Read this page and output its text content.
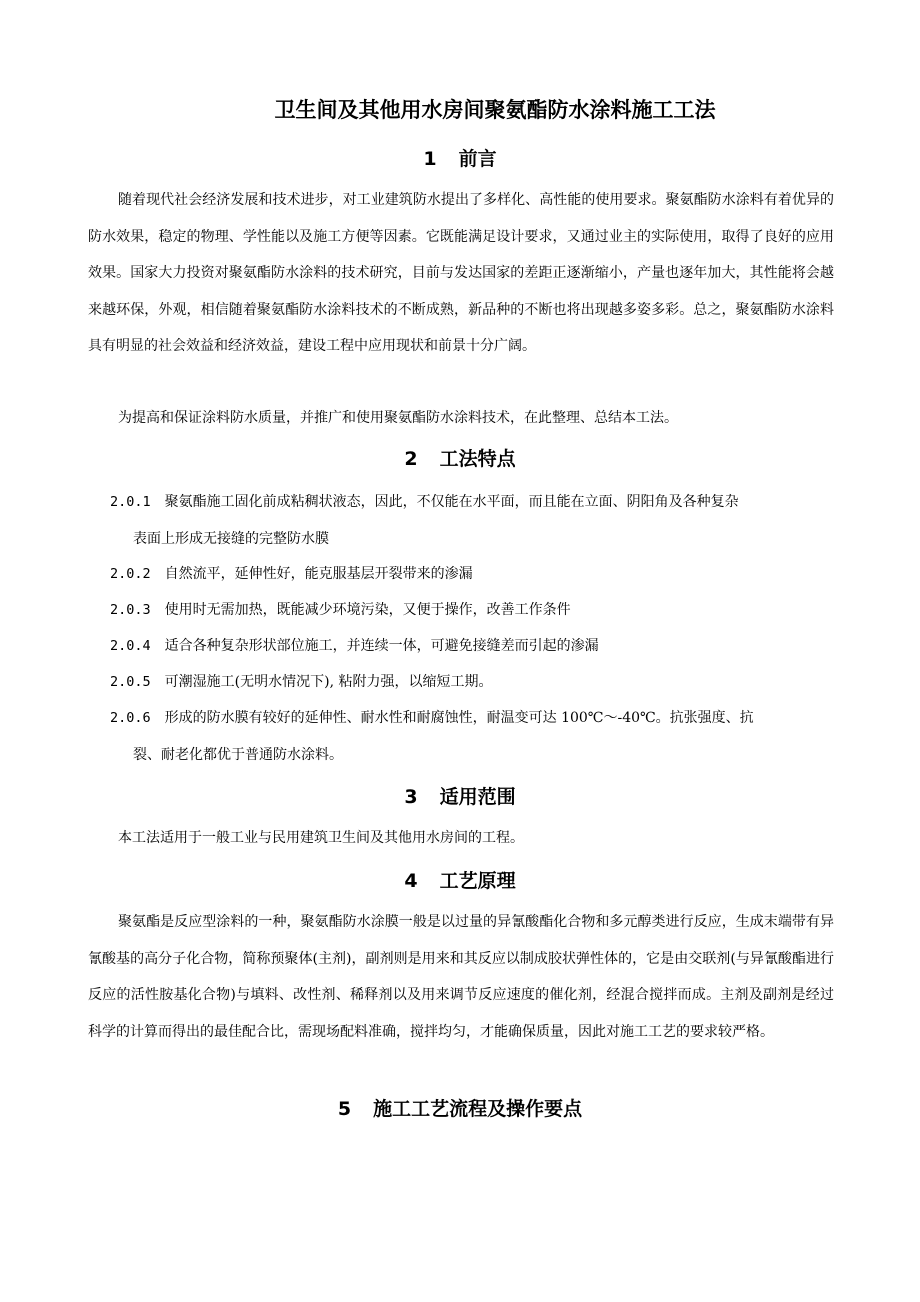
卫生间及其他用水房间聚氨酯防水涂料施工工法
1 前言

随着现代社会经济发展和技术进步，对工业建筑防水提出了多样化、高性能的使用要求。聚氨酯防水涂料有着优异的防水效果，稳定的物理、学性能以及施工方便等因素。它既能满足设计要求，又通过业主的实际使用，取得了良好的应用效果。国家大力投资对聚氨酯防水涂料的技术研究，目前与发达国家的差距正逐渐缩小，产量也逐年加大，其性能将会越来越环保，外观，相信随着聚氨酯防水涂料技术的不断成熟，新品种的不断也将出现越多姿多彩。总之，聚氨酯防水涂料具有明显的社会效益和经济效益，建设工程中应用现状和前景十分广阔。

为提高和保证涂料防水质量，并推广和使用聚氨酯防水涂料技术，在此整理、总结本工法。

2 工法特点
2.0.1 聚氨酯施工固化前成粘稠状液态，因此，不仅能在水平面，而且能在立面、阴阳角及各种复杂
表面上形成无接缝的完整防水膜
2.0.2 自然流平，延伸性好，能克服基层开裂带来的渗漏
2.0.3 使用时无需加热，既能减少环境污染，又便于操作，改善工作条件
2.0.4 适合各种复杂形状部位施工，并连续一体，可避免接缝差而引起的渗漏
2.0.5 可潮湿施工(无明水情况下), 粘附力强，以缩短工期。
2.0.6 形成的防水膜有较好的延伸性、耐水性和耐腐蚀性，耐温变可达 100℃～-40℃。抗张强度、抗
裂、耐老化都优于普通防水涂料。
3 适用范围

本工法适用于一般工业与民用建筑卫生间及其他用水房间的工程。

4 工艺原理

聚氨酯是反应型涂料的一种，聚氨酯防水涂膜一般是以过量的异氰酸酯化合物和多元醇类进行反应，生成末端带有异氰酸基的高分子化合物，简称预聚体(主剂)，副剂则是用来和其反应以制成胶状弹性体的，它是由交联剂(与异氰酸酯进行反应的活性胺基化合物)与填料、改性剂、稀释剂以及用来调节反应速度的催化剂，经混合搅拌而成。主剂及副剂是经过科学的计算而得出的最佳配合比，需现场配料准确，搅拌均匀，才能确保质量，因此对施工工艺的要求较严格。

5 施工工艺流程及操作要点
